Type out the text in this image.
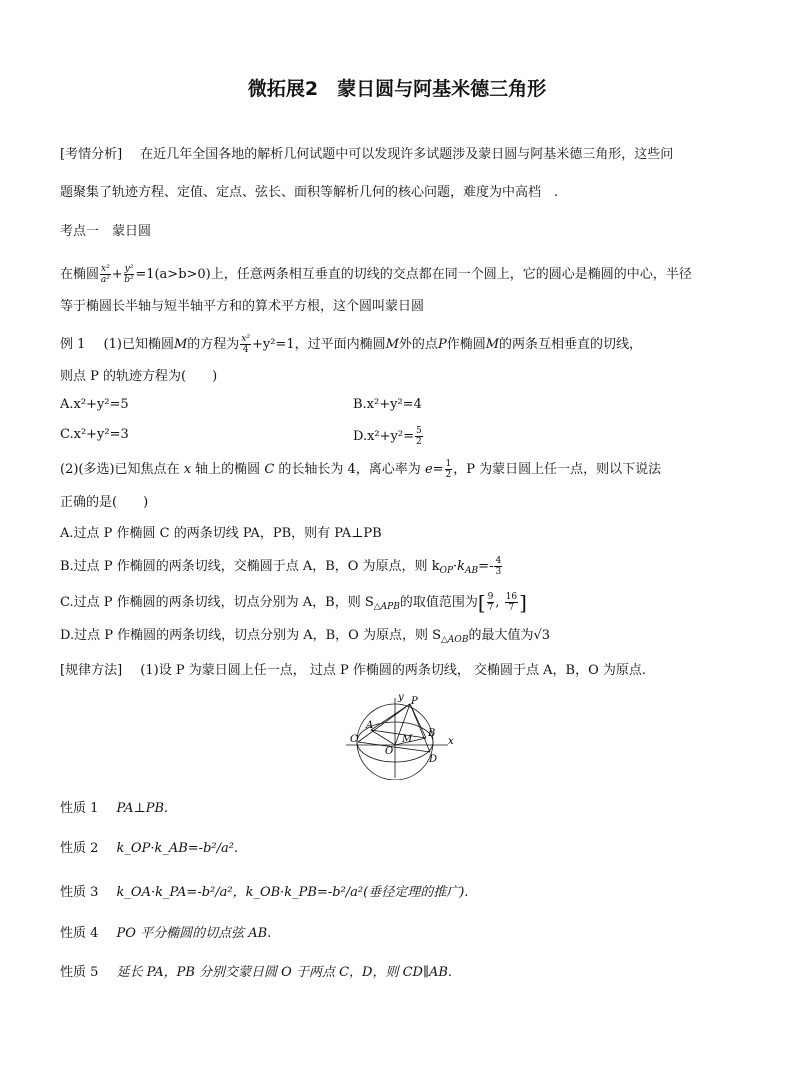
微拓展2　蒙日圆与阿基米德三角形
[考情分析] 在近几年全国各地的解析几何试题中可以发现许多试题涉及蒙日圆与阿基米德三角形，这些问
题聚集了轨迹方程、定值、定点、弦长、面积等解析几何的核心问题，难度为中高档　.
考点一　蒙日圆
在椭圆 $\frac{\text{x²}}{\text{a²}} + \frac{\text{y²}}{\text{b²}} =1(a>b>0)$上，任意两条相互垂直的切线的交点都在同一个圆上，它的圆心是椭圆的中心，半径
等于椭圆长半轴与短半轴平方和的算术平方根，这个圆叫蒙日圆
例 1 (1)已知椭圆M的方程为 $\frac{\text{x²}}{4} +y^2=1$，过平面内椭圆M外的点P作椭圆M的两条互相垂直的切线，
则点 P 的轨迹方程为(　　)
A.x²+y²=5	B.x²+y²=4
C.x²+y²=3	$D.x^2+y^2= \frac{5}{2}$
(2)(多选)已知焦点在 x 轴上的椭圆 C 的长轴长为 4，离心率为 $e= \frac{1}{2}$ ，P 为蒙日圆上任一点，则以下说法
正确的是(　　)
A.过点 P 作椭圆 C 的两条切线 PA，PB，则有 PA⊥PB
B.过点 P 作椭圆的两条切线，交椭圆于点 A，B，O 为原点，则 $k_{OP}\cdot k_{AB}=- \frac{4}{3}$
C.过点 P 作椭圆的两条切线，切点分别为 A，B，则 $S_{\triangle APB}$的取值范围为[ $\frac{9}{7}$ , $\frac{16}{7}$ ]
D.过点 P 作椭圆的两条切线，切点分别为 A，B，O 为原点，则 $S_{\triangle AOB}$的最大值为√3
[规律方法] (1)设 P 为蒙日圆上任一点， 过点 P 作椭圆的两条切线， 交椭圆于点 A，B，O 为原点.
y
x
P
A
B
C
D
M
O
性质 1 PA⊥PB.
性质 2 k_OP·k_AB=-b²/a².
性质 3 k_OA·k_PA=-b²/a²，k_OB·k_PB=-b²/a²(垂径定理的推广).
性质 4 PO 平分椭圆的切点弦 AB.
性质 5 延长 PA，PB 分别交蒙日圆 O 于两点 C，D，则 CD∥AB.
